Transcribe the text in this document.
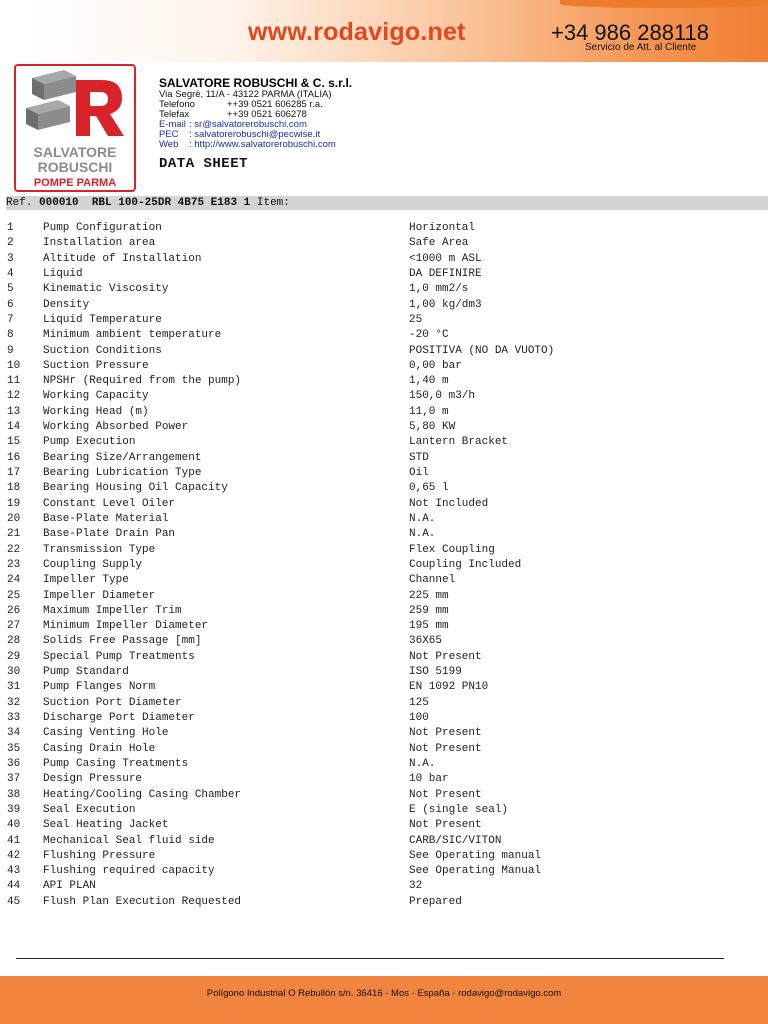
www.rodavigo.net	+34 986 288118
Servicio de Att. al Cliente
SALVATORE
ROBUSCHI
POMPE PARMA
SALVATORE ROBUSCHI & C. s.r.l.
Via Segré, 11/A - 43122 PARMA (ITALIA)
Telefono	++39 0521 606285 r.a.
Telefax	++39 0521 606278
E-mail : sr@salvatorerobuschi.com
PEC : salvatorerobuschi@pecwise.it
Web : http://www.salvatorerobuschi.com
DATA SHEET
Ref. 000010 RBL 100-25DR 4B75 E183 1 Item:
1	Pump Configuration	Horizontal
2	Installation area	Safe Area
3	Altitude of Installation	<1000 m ASL
4	Liquid	DA DEFINIRE
5	Kinematic Viscosity	1,0 mm2/s
6	Density	1,00 kg/dm3
7	Liquid Temperature	25
8	Minimum ambient temperature	-20 °C
9	Suction Conditions	POSITIVA (NO DA VUOTO)
10 Suction Pressure	0,00 bar
11 NPSHr (Required from the pump)	1,40 m
12 Working Capacity	150,0 m3/h
13 Working Head (m)	11,0 m
14 Working Absorbed Power	5,80 KW
15 Pump Execution	Lantern Bracket
16 Bearing Size/Arrangement	STD
17 Bearing Lubrication Type	Oil
18 Bearing Housing Oil Capacity	0,65 l
19 Constant Level Oiler	Not Included
20 Base-Plate Material	N.A.
21 Base-Plate Drain Pan	N.A.
22 Transmission Type	Flex Coupling
23 Coupling Supply	Coupling Included
24 Impeller Type	Channel
25 Impeller Diameter	225 mm
26 Maximum Impeller Trim	259 mm
27 Minimum Impeller Diameter	195 mm
28 Solids Free Passage [mm]	36X65
29 Special Pump Treatments	Not Present
30 Pump Standard	ISO 5199
31 Pump Flanges Norm	EN 1092 PN10
32 Suction Port Diameter	125
33 Discharge Port Diameter	100
34 Casing Venting Hole	Not Present
35 Casing Drain Hole	Not Present
36 Pump Casing Treatments	N.A.
37 Design Pressure	10 bar
38 Heating/Cooling Casing Chamber	Not Present
39 Seal Execution	E (single seal)
40 Seal Heating Jacket	Not Present
41 Mechanical Seal fluid side	CARB/SIC/VITON
42 Flushing Pressure	See Operating manual
43 Flushing required capacity	See Operating Manual
44 API PLAN	32
45 Flush Plan Execution Requested	Prepared
Polígono Industrial O Rebullón s/n. 36416 - Mos - España - rodavigo@rodavigo.com
